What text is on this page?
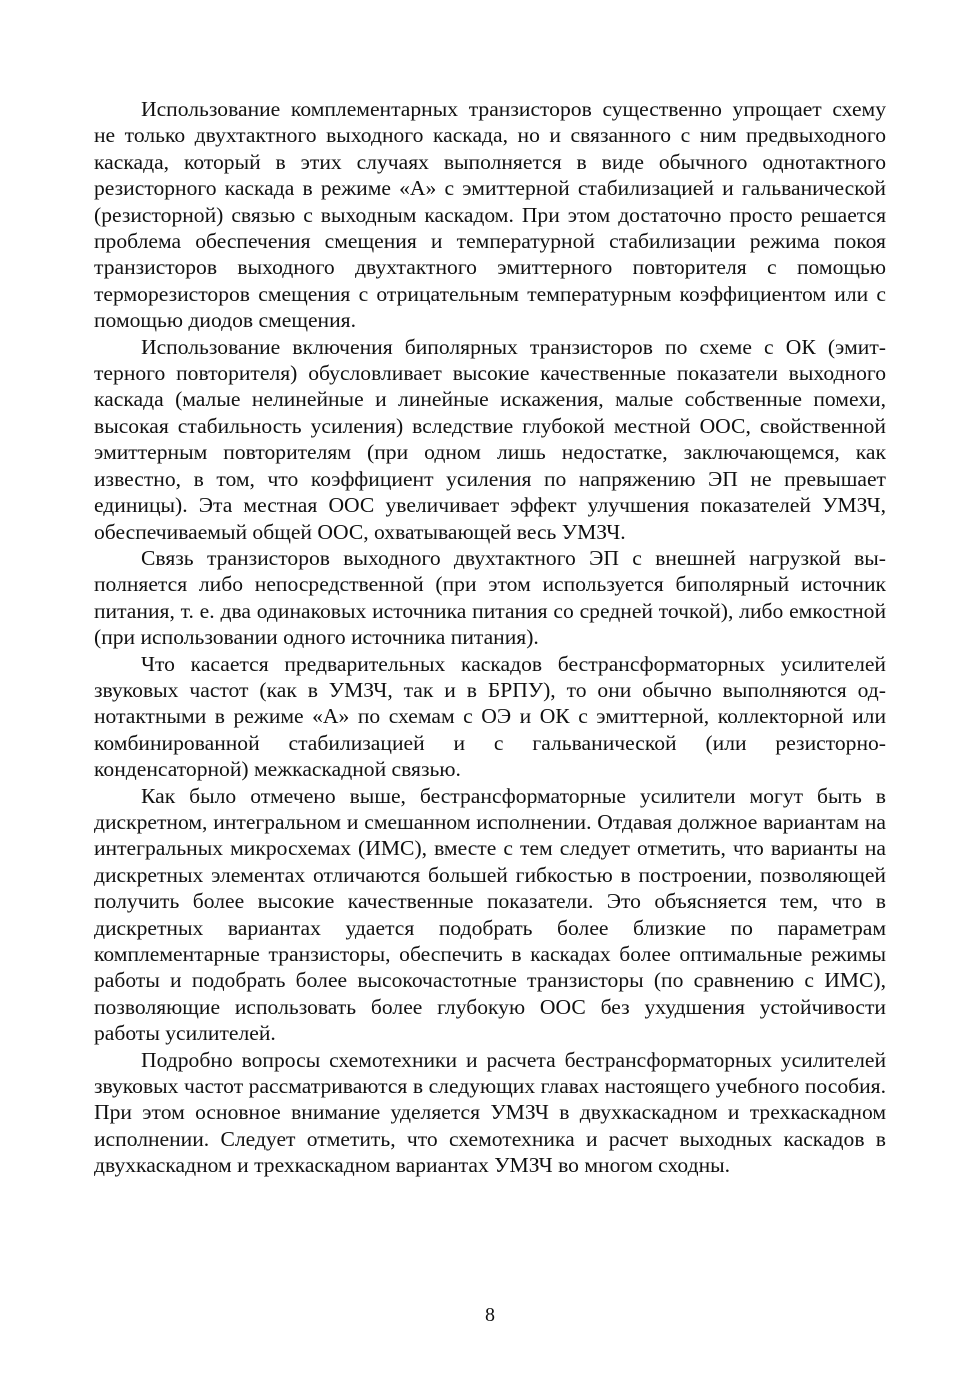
Использование комплементарных транзисторов существенно упрощает схему не только двухтактного выходного каскада, но и связанного с ним предвыходного каскада, который в этих случаях выполняется в виде обычного однотактного резисторного каскада в режиме «А» с эмиттерной стабилизацией и гальванической (резисторной) связью с выходным каскадом. При этом достаточно просто решается проблема обеспечения смещения и температурной стабилизации режима покоя транзисторов выходного двухтактного эмиттерного повторителя с помощью терморезисторов смещения с отрицательным температурным коэффициентом или с помощью диодов смещения.

Использование включения биполярных транзисторов по схеме с ОК (эмиттерного повторителя) обусловливает высокие качественные показатели выходного каскада (малые нелинейные и линейные искажения, малые собственные помехи, высокая стабильность усиления) вследствие глубокой местной ООС, свойственной эмиттерным повторителям (при одном лишь недостатке, заключающемся, как известно, в том, что коэффициент усиления по напряжению ЭП не превышает единицы). Эта местная ООС увеличивает эффект улучшения показателей УМЗЧ, обеспечиваемый общей ООС, охватывающей весь УМЗЧ.

Связь транзисторов выходного двухтактного ЭП с внешней нагрузкой выполняется либо непосредственной (при этом используется биполярный источник питания, т. е. два одинаковых источника питания со средней точкой), либо емкостной (при использовании одного источника питания).

Что касается предварительных каскадов бестрансформаторных усилителей звуковых частот (как в УМЗЧ, так и в БРПУ), то они обычно выполняются однотактными в режиме «А» по схемам с ОЭ и ОК с эмиттерной, коллекторной или комбинированной стабилизацией и с гальванической (или резисторно-конденсаторной) межкаскадной связью.

Как было отмечено выше, бестрансформаторные усилители могут быть в дискретном, интегральном и смешанном исполнении. Отдавая должное вариантам на интегральных микросхемах (ИМС), вместе с тем следует отметить, что варианты на дискретных элементах отличаются большей гибкостью в построении, позволяющей получить более высокие качественные показатели. Это объясняется тем, что в дискретных вариантах удается подобрать более близкие по параметрам комплементарные транзисторы, обеспечить в каскадах более оптимальные режимы работы и подобрать более высокочастотные транзисторы (по сравнению с ИМС), позволяющие использовать более глубокую ООС без ухудшения устойчивости работы усилителей.

Подробно вопросы схемотехники и расчета бестрансформаторных усилителей звуковых частот рассматриваются в следующих главах настоящего учебного пособия. При этом основное внимание уделяется УМЗЧ в двухкаскадном и трехкаскадном исполнении. Следует отметить, что схемотехника и расчет выходных каскадов в двухкаскадном и трехкаскадном вариантах УМЗЧ во многом сходны.

8
